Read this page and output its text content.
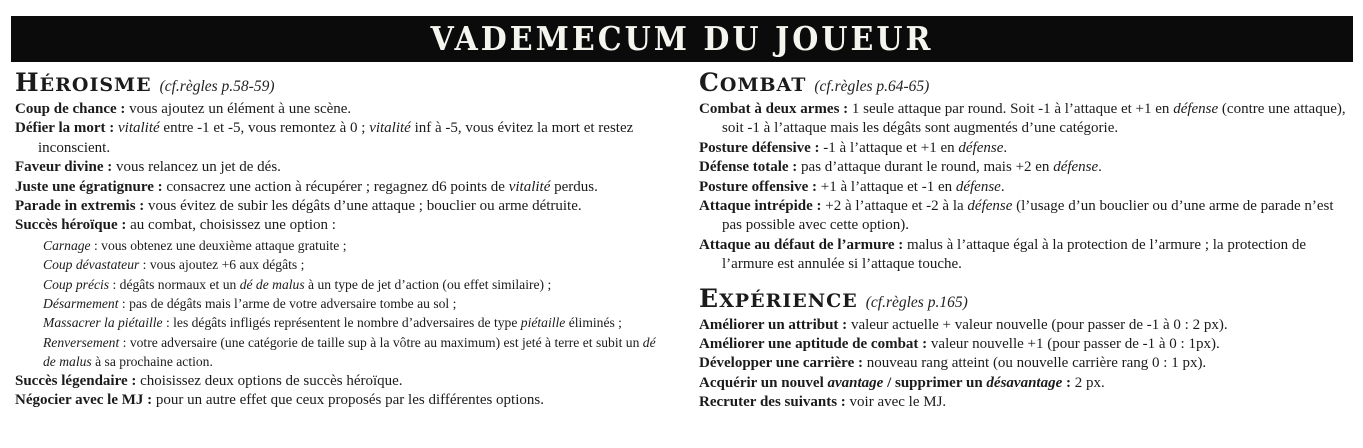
VADEMECUM DU JOUEUR
HÉROISME (cf.règles p.58-59)

Coup de chance : vous ajoutez un élément à une scène.

Défier la mort : vitalité entre -1 et -5, vous remontez à 0 ; vitalité inf à -5, vous évitez la mort et restez inconscient.

Faveur divine : vous relancez un jet de dés.

Juste une égratignure : consacrez une action à récupérer ; regagnez d6 points de vitalité perdus.

Parade in extremis : vous évitez de subir les dégâts d’une attaque ; bouclier ou arme détruite.

Succès héroïque : au combat, choisissez une option :

Carnage : vous obtenez une deuxième attaque gratuite ;

Coup dévastateur : vous ajoutez +6 aux dégâts ;

Coup précis : dégâts normaux et un dé de malus à un type de jet d’action (ou effet similaire) ;

Désarmement : pas de dégâts mais l’arme de votre adversaire tombe au sol ;

Massacrer la piétaille : les dégâts infligés représentent le nombre d’adversaires de type piétaille éliminés ;

Renversement : votre adversaire (une catégorie de taille sup à la vôtre au maximum) est jeté à terre et subit un dé de malus à sa prochaine action.

Succès légendaire : choisissez deux options de succès héroïque.

Négocier avec le MJ : pour un autre effet que ceux proposés par les différentes options.

COMBAT (cf.règles p.64-65)

Combat à deux armes : 1 seule attaque par round. Soit -1 à l’attaque et +1 en défense (contre une attaque), soit -1 à l’attaque mais les dégâts sont augmentés d’une catégorie.

Posture défensive : -1 à l’attaque et +1 en défense.

Défense totale : pas d’attaque durant le round, mais +2 en défense.

Posture offensive : +1 à l’attaque et -1 en défense.

Attaque intrépide : +2 à l’attaque et -2 à la défense (l’usage d’un bouclier ou d’une arme de parade n’est pas possible avec cette option).

Attaque au défaut de l’armure : malus à l’attaque égal à la protection de l’armure ; la protection de l’armure est annulée si l’attaque touche.

EXPÉRIENCE (cf.règles p.165)

Améliorer un attribut : valeur actuelle + valeur nouvelle (pour passer de -1 à 0 : 2 px).

Améliorer une aptitude de combat : valeur nouvelle +1 (pour passer de -1 à 0 : 1px).

Développer une carrière : nouveau rang atteint (ou nouvelle carrière rang 0 : 1 px).

Acquérir un nouvel avantage / supprimer un désavantage : 2 px.

Recruter des suivants : voir avec le MJ.
